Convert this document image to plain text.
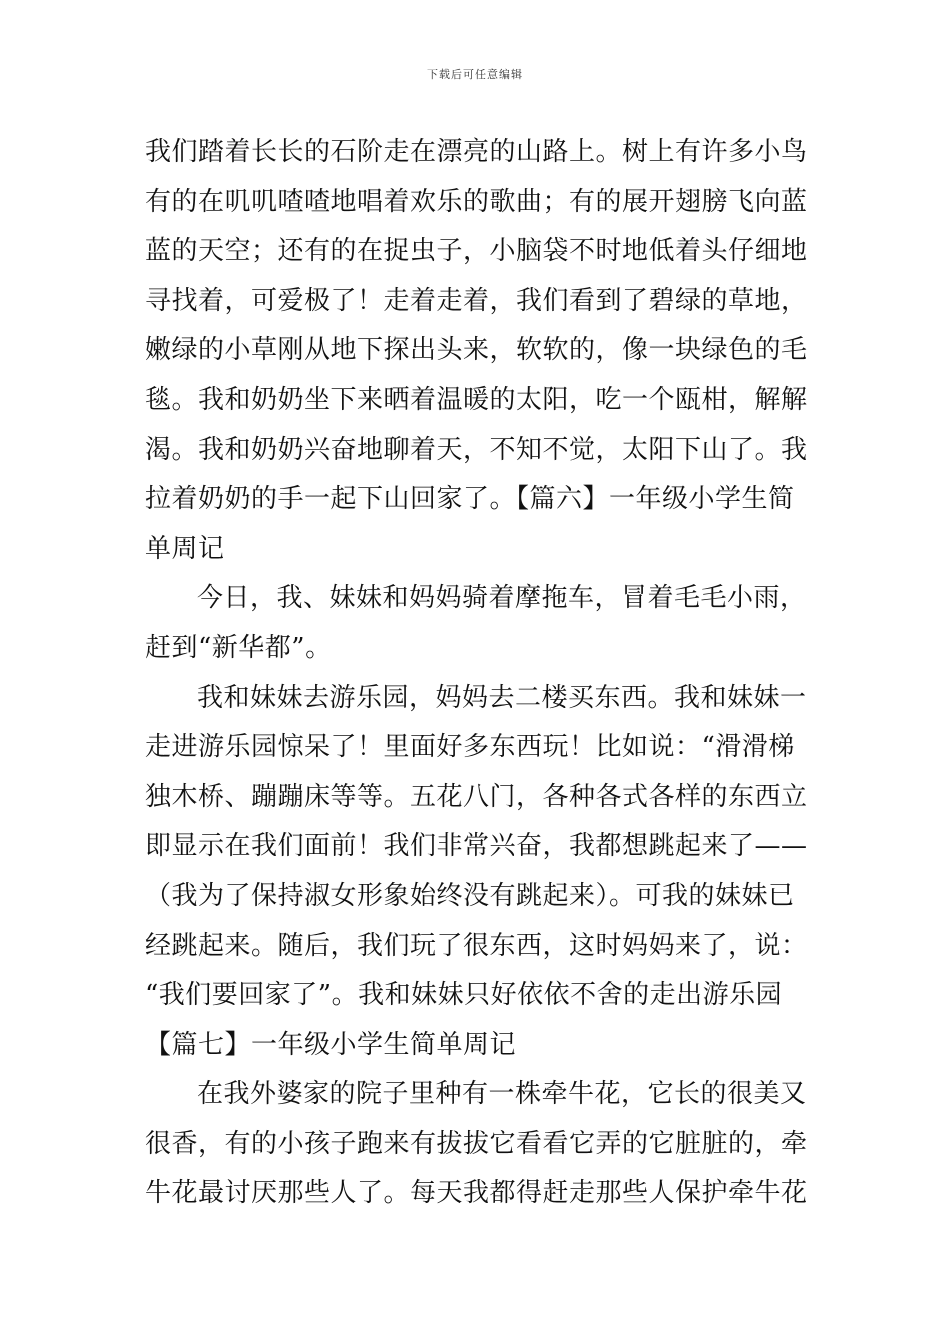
下载后可任意编辑
我们踏着长长的石阶走在漂亮的山路上。树上有许多小鸟
有的在叽叽喳喳地唱着欢乐的歌曲；有的展开翅膀飞向蓝
蓝的天空；还有的在捉虫子，小脑袋不时地低着头仔细地
寻找着，可爱极了！走着走着，我们看到了碧绿的草地，
嫩绿的小草刚从地下探出头来，软软的，像一块绿色的毛
毯。我和奶奶坐下来晒着温暖的太阳，吃一个瓯柑，解解
渴。我和奶奶兴奋地聊着天，不知不觉，太阳下山了。我
拉着奶奶的手一起下山回家了。【篇六】一年级小学生简
单周记
今日，我、妹妹和妈妈骑着摩拖车，冒着毛毛小雨，
赶到“新华都”。
我和妹妹去游乐园，妈妈去二楼买东西。我和妹妹一
走进游乐园惊呆了！里面好多东西玩！比如说：“滑滑梯
独木桥、蹦蹦床等等。五花八门，各种各式各样的东西立
即显示在我们面前！我们非常兴奋，我都想跳起来了——
（我为了保持淑女形象始终没有跳起来）。可我的妹妹已
经跳起来。随后，我们玩了很东西，这时妈妈来了，说：
“我们要回家了”。我和妹妹只好依依不舍的走出游乐园
【篇七】一年级小学生简单周记
在我外婆家的院子里种有一株牵牛花，它长的很美又
很香，有的小孩子跑来有拔拔它看看它弄的它脏脏的，牵
牛花最讨厌那些人了。每天我都得赶走那些人保护牵牛花
